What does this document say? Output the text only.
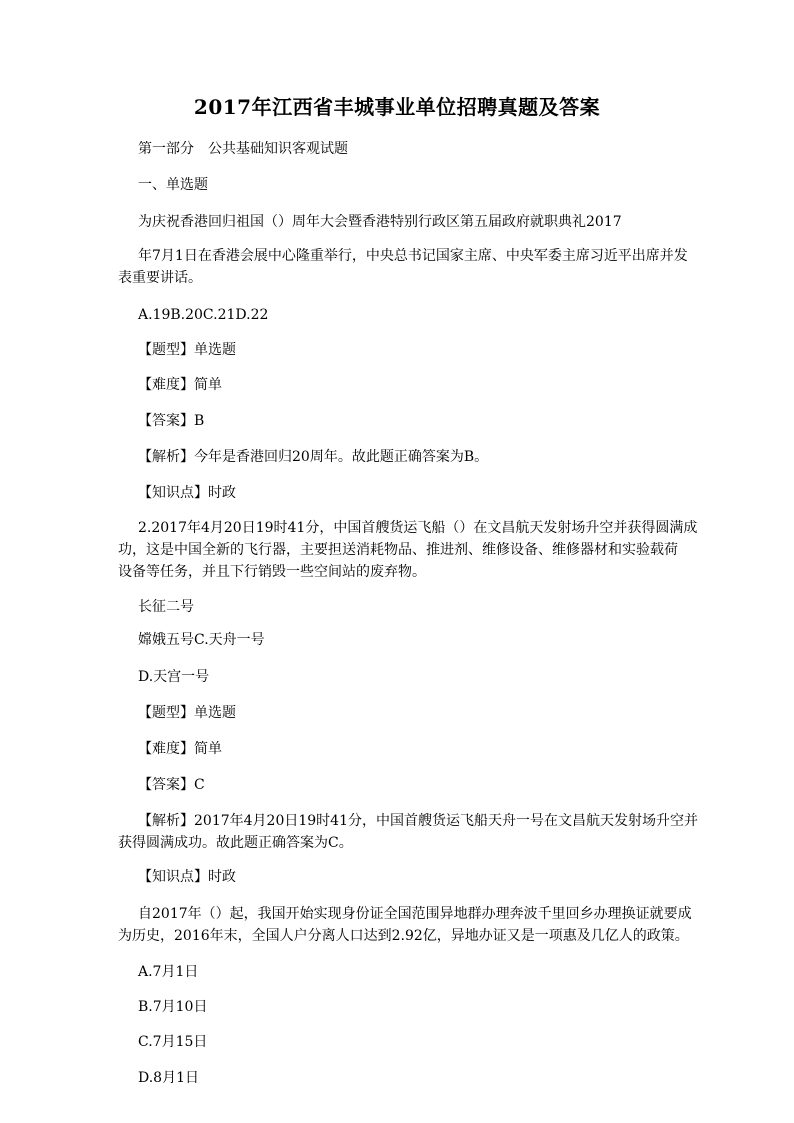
2017年江西省丰城事业单位招聘真题及答案
第一部分　公共基础知识客观试题
一、单选题
为庆祝香港回归祖国（）周年大会暨香港特别行政区第五届政府就职典礼2017
年7月1日在香港会展中心隆重举行，中央总书记国家主席、中央军委主席习近平出席并发
表重要讲话。
A.19B.20C.21D.22
【题型】单选题
【难度】简单
【答案】B
【解析】今年是香港回归20周年。故此题正确答案为B。
【知识点】时政
2.2017年4月20日19时41分，中国首艘货运飞船（）在文昌航天发射场升空并获得圆满成
功，这是中国全新的飞行器，主要担送消耗物品、推进剂、维修设备、维修器材和实验载荷
设备等任务，并且下行销毁一些空间站的废弃物。
长征二号
嫦娥五号C.天舟一号
D.天宫一号
【题型】单选题
【难度】简单
【答案】C
【解析】2017年4月20日19时41分，中国首艘货运飞船天舟一号在文昌航天发射场升空并
获得圆满成功。故此题正确答案为C。
【知识点】时政
自2017年（）起，我国开始实现身份证全国范围异地群办理奔波千里回乡办理换证就要成
为历史，2016年末，全国人户分离人口达到2.92亿，异地办证又是一项惠及几亿人的政策。
A.7月1日
B.7月10日
C.7月15日
D.8月1日
